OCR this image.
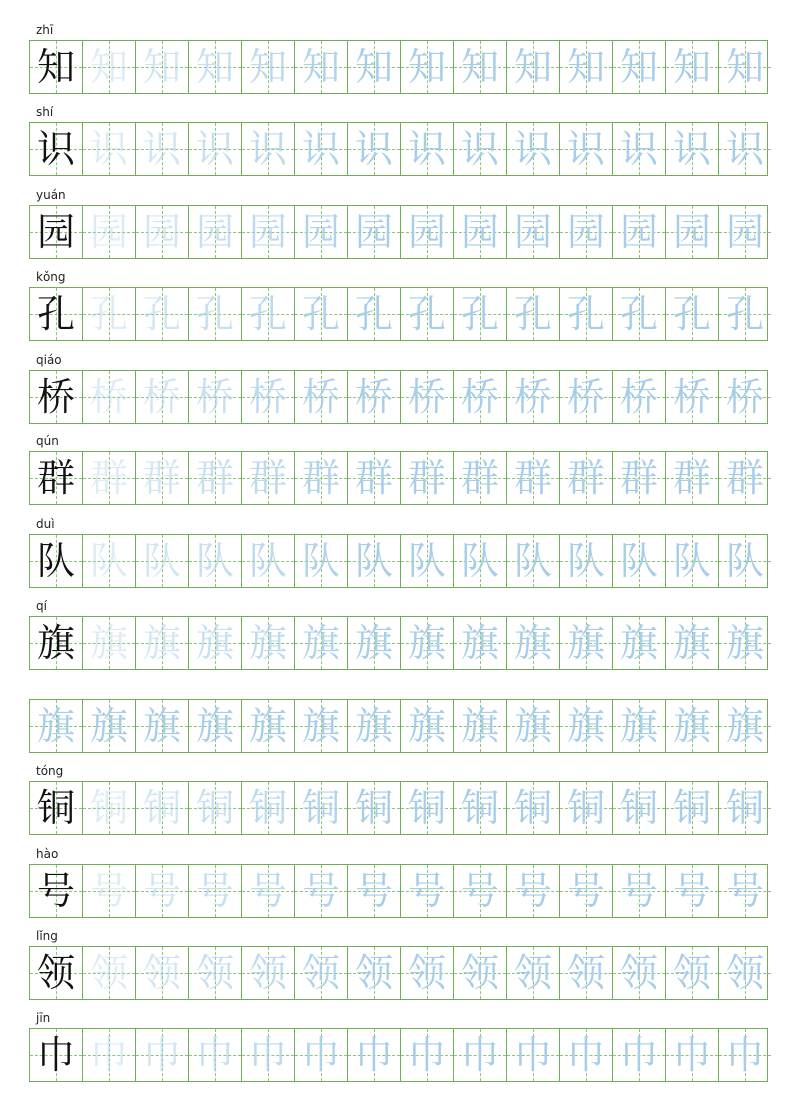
zhī
知 知 知 知 知 知 知 知 知 知 知 知 知 知
shí
识 识 识 识 识 识 识 识 识 识 识 识 识 识
yuán
园 园 园 园 园 园 园 园 园 园 园 园 园 园
kǒng
孔 孔 孔 孔 孔 孔 孔 孔 孔 孔 孔 孔 孔 孔
qiáo
桥 桥 桥 桥 桥 桥 桥 桥 桥 桥 桥 桥 桥 桥
qún
群 群 群 群 群 群 群 群 群 群 群 群 群 群
duì
队 队 队 队 队 队 队 队 队 队 队 队 队 队
qí
旗 旗 旗 旗 旗 旗 旗 旗 旗 旗 旗 旗 旗 旗
旗 旗 旗 旗 旗 旗 旗 旗 旗 旗 旗 旗 旗 旗
tóng
铜 铜 铜 铜 铜 铜 铜 铜 铜 铜 铜 铜 铜 铜
hào
号 号 号 号 号 号 号 号 号 号 号 号 号 号
lǐng
领 领 领 领 领 领 领 领 领 领 领 领 领 领
jīn
巾 巾 巾 巾 巾 巾 巾 巾 巾 巾 巾 巾 巾 巾
